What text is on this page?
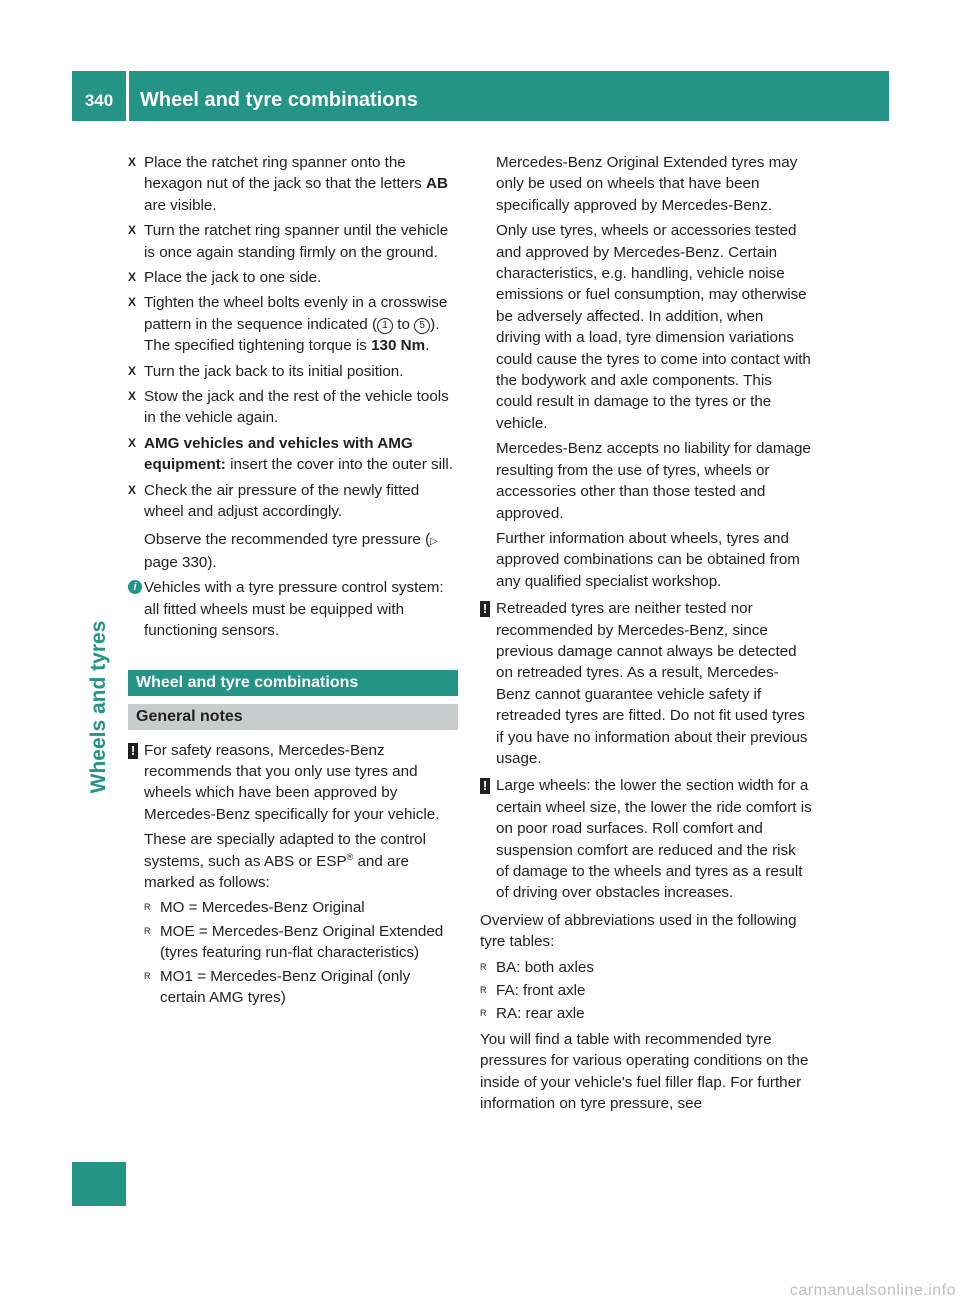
340	Wheel and tyre combinations
Wheels and tyres
X Place the ratchet ring spanner onto the hexagon nut of the jack so that the letters AB are visible.
X Turn the ratchet ring spanner until the vehicle is once again standing firmly on the ground.
X Place the jack to one side.
X Tighten the wheel bolts evenly in a crosswise pattern in the sequence indicated ( 1 to 5 ). The specified tightening torque is 130 Nm.
X Turn the jack back to its initial position.
X Stow the jack and the rest of the vehicle tools in the vehicle again.
X AMG vehicles and vehicles with AMG equipment: insert the cover into the outer sill.
X Check the air pressure of the newly fitted wheel and adjust accordingly.
Observe the recommended tyre pressure (▷ page 330).
i Vehicles with a tyre pressure control system: all fitted wheels must be equipped with functioning sensors.
Wheel and tyre combinations
General notes
! For safety reasons, Mercedes-Benz recommends that you only use tyres and wheels which have been approved by Mercedes-Benz specifically for your vehicle.
These are specially adapted to the control systems, such as ABS or ESP® and are marked as follows:
R MO = Mercedes-Benz Original
R MOE = Mercedes-Benz Original Extended (tyres featuring run-flat characteristics)
R MO1 = Mercedes-Benz Original (only certain AMG tyres)
Mercedes-Benz Original Extended tyres may only be used on wheels that have been specifically approved by Mercedes-Benz.
Only use tyres, wheels or accessories tested and approved by Mercedes-Benz. Certain characteristics, e.g. handling, vehicle noise emissions or fuel consumption, may otherwise be adversely affected. In addition, when driving with a load, tyre dimension variations could cause the tyres to come into contact with the bodywork and axle components. This could result in damage to the tyres or the vehicle.
Mercedes-Benz accepts no liability for damage resulting from the use of tyres, wheels or accessories other than those tested and approved.
Further information about wheels, tyres and approved combinations can be obtained from any qualified specialist workshop.
! Retreaded tyres are neither tested nor recommended by Mercedes-Benz, since previous damage cannot always be detected on retreaded tyres. As a result, Mercedes-Benz cannot guarantee vehicle safety if retreaded tyres are fitted. Do not fit used tyres if you have no information about their previous usage.
! Large wheels: the lower the section width for a certain wheel size, the lower the ride comfort is on poor road surfaces. Roll comfort and suspension comfort are reduced and the risk of damage to the wheels and tyres as a result of driving over obstacles increases.
Overview of abbreviations used in the following tyre tables:
R BA: both axles
R FA: front axle
R RA: rear axle
You will find a table with recommended tyre pressures for various operating conditions on the inside of your vehicle's fuel filler flap. For further information on tyre pressure, see
carmanualsonline.info
